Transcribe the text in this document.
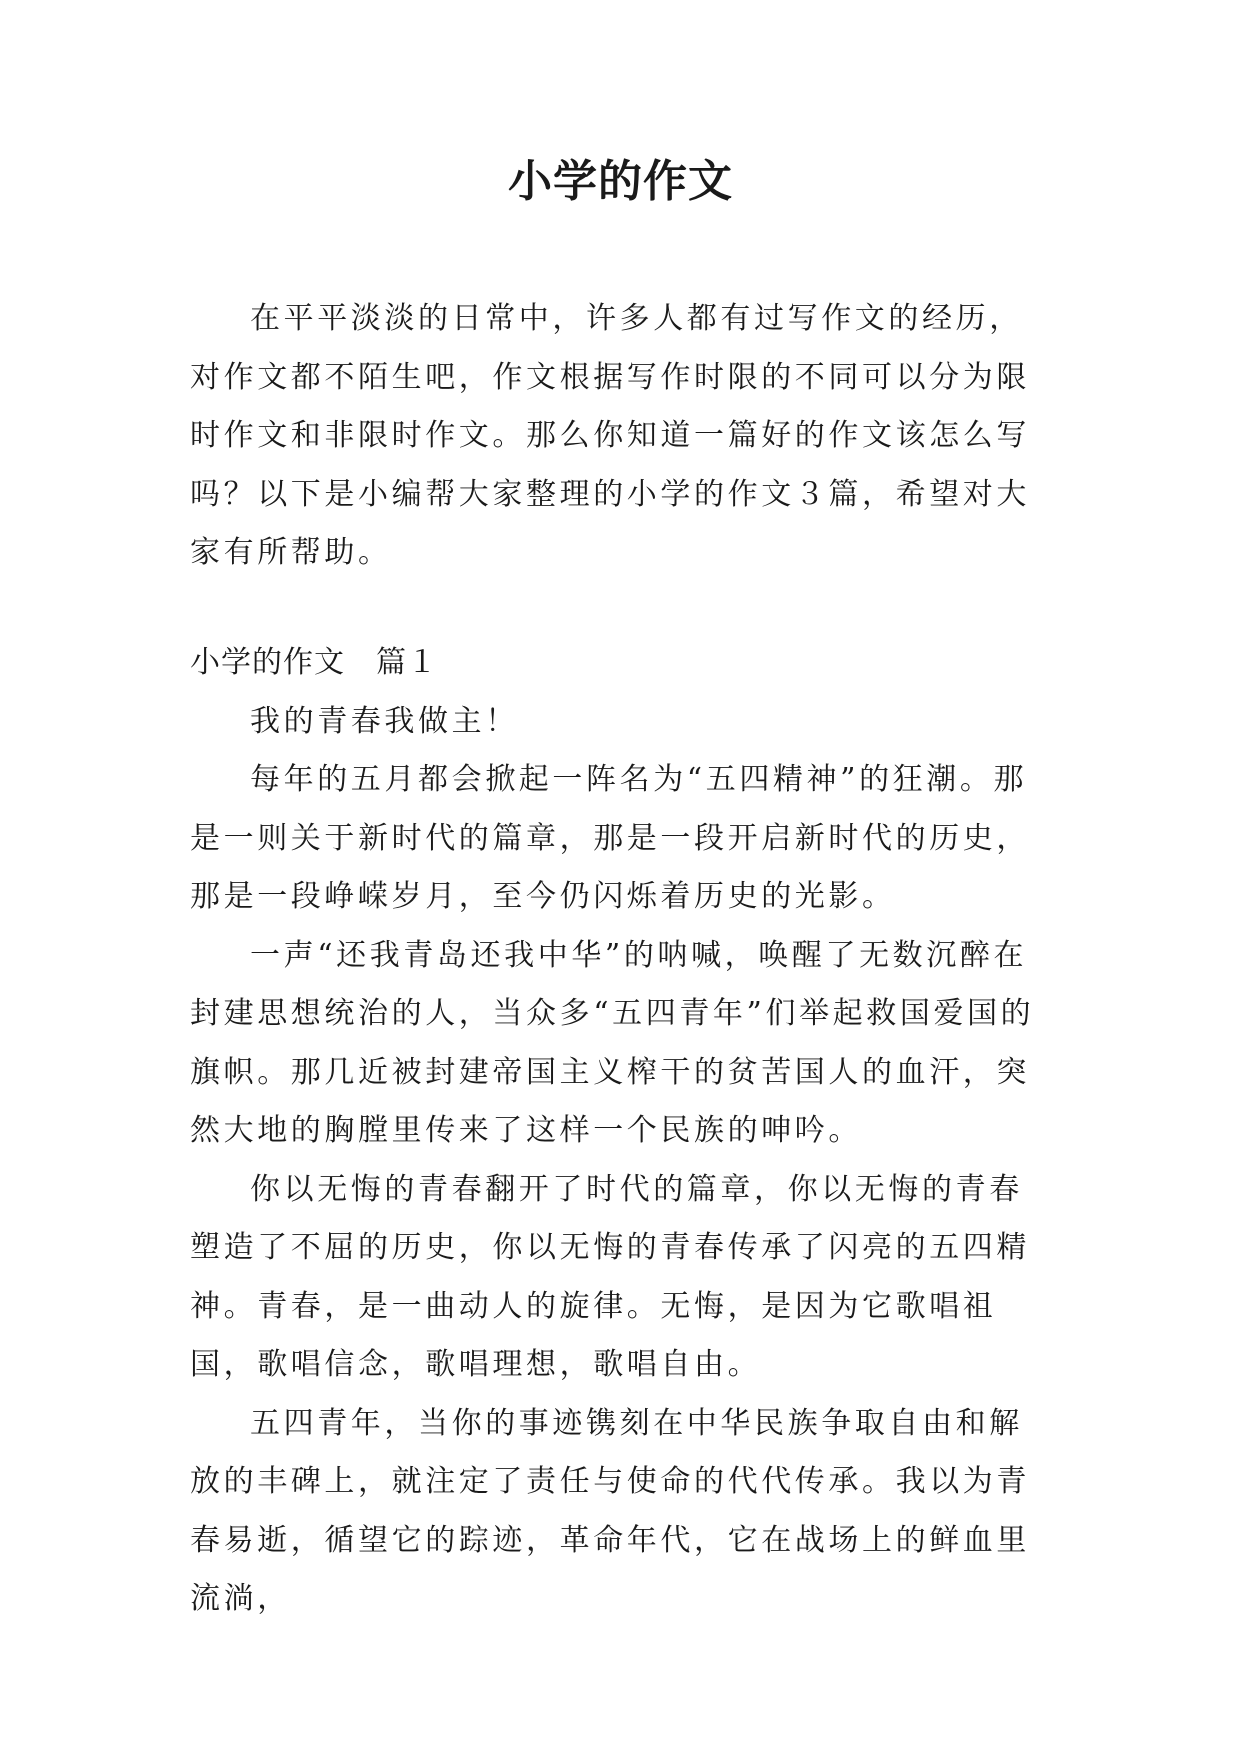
小学的作文

在平平淡淡的日常中，许多人都有过写作文的经历，对作文都不陌生吧，作文根据写作时限的不同可以分为限时作文和非限时作文。那么你知道一篇好的作文该怎么写吗？以下是小编帮大家整理的小学的作文３篇，希望对大家有所帮助。

小学的作文　篇１

我的青春我做主！

每年的五月都会掀起一阵名为“五四精神”的狂潮。那是一则关于新时代的篇章，那是一段开启新时代的历史，那是一段峥嵘岁月，至今仍闪烁着历史的光影。

一声“还我青岛还我中华”的呐喊，唤醒了无数沉醉在封建思想统治的人，当众多“五四青年”们举起救国爱国的旗帜。那几近被封建帝国主义榨干的贫苦国人的血汗，突然大地的胸膛里传来了这样一个民族的呻吟。

你以无悔的青春翻开了时代的篇章，你以无悔的青春塑造了不屈的历史，你以无悔的青春传承了闪亮的五四精神。青春，是一曲动人的旋律。无悔，是因为它歌唱祖国，歌唱信念，歌唱理想，歌唱自由。

五四青年，当你的事迹镌刻在中华民族争取自由和解放的丰碑上，就注定了责任与使命的代代传承。我以为青春易逝，循望它的踪迹，革命年代，它在战场上的鲜血里流淌，
